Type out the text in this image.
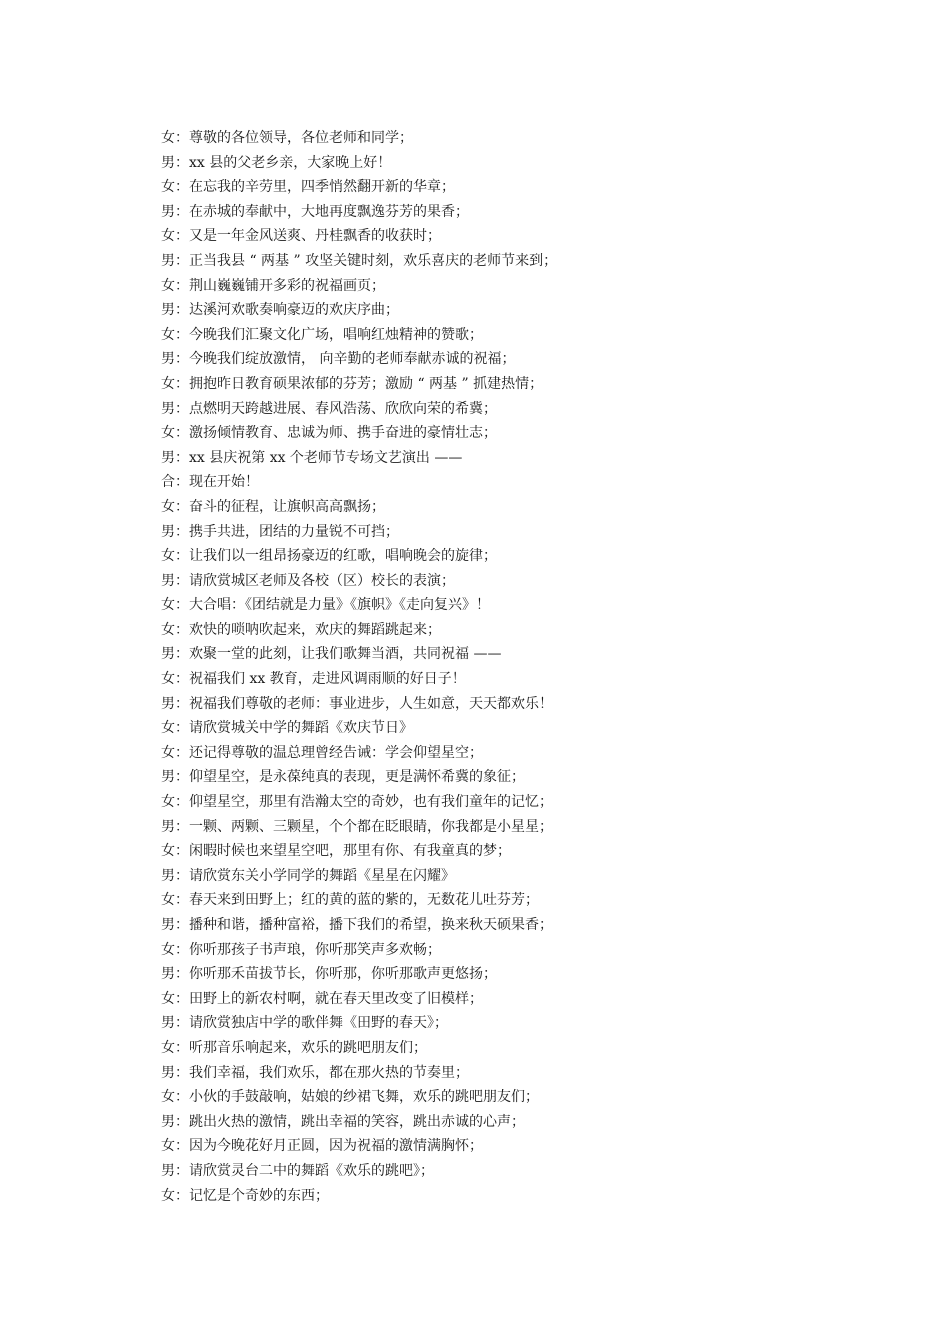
女：尊敬的各位领导，各位老师和同学；
男：xx 县的父老乡亲，大家晚上好！
女：在忘我的辛劳里，四季悄然翻开新的华章；
男：在赤城的奉献中，大地再度飘逸芬芳的果香；
女：又是一年金风送爽、丹桂飘香的收获时；
男：正当我县 “ 两基 ” 攻坚关键时刻，欢乐喜庆的老师节来到；
女：荆山巍巍铺开多彩的祝福画页；
男：达溪河欢歌奏响豪迈的欢庆序曲；
女：今晚我们汇聚文化广场，唱响红烛精神的赞歌；
男：今晚我们绽放激情， 向辛勤的老师奉献赤诚的祝福；
女：拥抱昨日教育硕果浓郁的芬芳；激励 “ 两基 ” 抓建热情；
男：点燃明天跨越进展、春风浩荡、欣欣向荣的希冀；
女：激扬倾情教育、忠诚为师、携手奋进的豪情壮志；
男：xx 县庆祝第 xx 个老师节专场文艺演出 ——
合：现在开始！
女：奋斗的征程，让旗帜高高飘扬；
男：携手共进，团结的力量锐不可挡；
女：让我们以一组昂扬豪迈的红歌，唱响晚会的旋律；
男：请欣赏城区老师及各校（区）校长的表演；
女：大合唱：《团结就是力量》《旗帜》《走向复兴》！
女：欢快的唢呐吹起来，欢庆的舞蹈跳起来；
男：欢聚一堂的此刻，让我们歌舞当酒，共同祝福 ——
女：祝福我们 xx 教育，走进风调雨顺的好日子！
男：祝福我们尊敬的老师：事业进步，人生如意，天天都欢乐！
女：请欣赏城关中学的舞蹈《欢庆节日》
女：还记得尊敬的温总理曾经告诫：学会仰望星空；
男：仰望星空，是永葆纯真的表现，更是满怀希冀的象征；
女：仰望星空，那里有浩瀚太空的奇妙，也有我们童年的记忆；
男：一颗、两颗、三颗星，个个都在眨眼睛，你我都是小星星；
女：闲暇时候也来望星空吧，那里有你、有我童真的梦；
男：请欣赏东关小学同学的舞蹈《星星在闪耀》
女：春天来到田野上；红的黄的蓝的紫的，无数花儿吐芬芳；
男：播种和谐，播种富裕，播下我们的希望，换来秋天硕果香；
女：你听那孩子书声琅，你听那笑声多欢畅；
男：你听那禾苗拔节长，你听那，你听那歌声更悠扬；
女：田野上的新农村啊，就在春天里改变了旧模样；
男：请欣赏独店中学的歌伴舞《田野的春天》；
女：听那音乐响起来，欢乐的跳吧朋友们；
男：我们幸福，我们欢乐，都在那火热的节奏里；
女：小伙的手鼓敲响，姑娘的纱裙飞舞，欢乐的跳吧朋友们；
男：跳出火热的激情，跳出幸福的笑容，跳出赤诚的心声；
女：因为今晚花好月正圆，因为祝福的激情满胸怀；
男：请欣赏灵台二中的舞蹈《欢乐的跳吧》；
女：记忆是个奇妙的东西；
